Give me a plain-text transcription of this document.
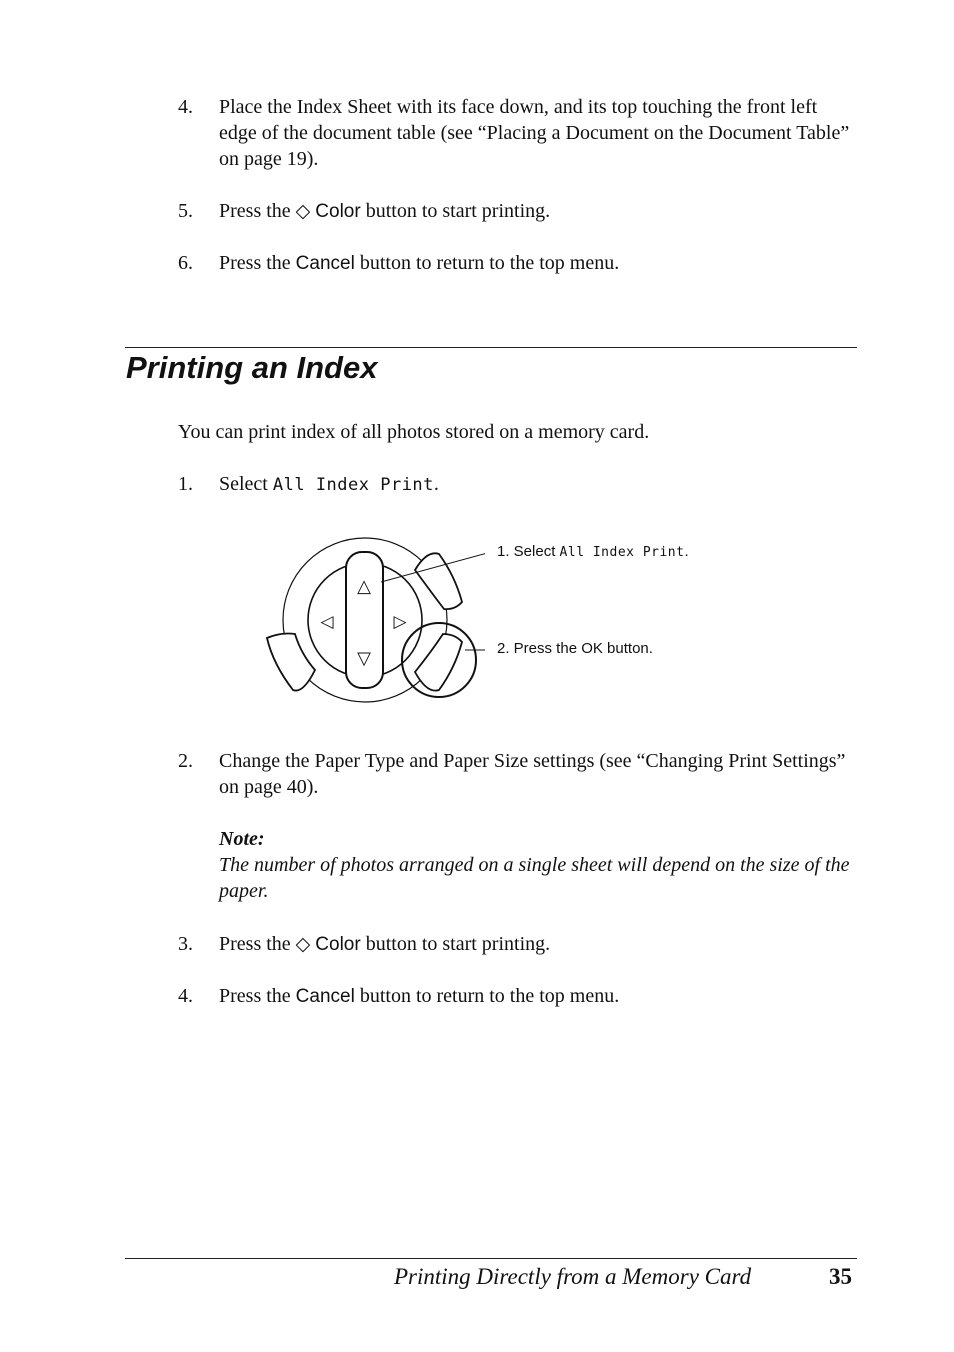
4. Place the Index Sheet with its face down, and its top touching the front left edge of the document table (see “Placing a Document on the Document Table” on page 19).
5. Press the ◇ Color button to start printing.
6. Press the Cancel button to return to the top menu.
Printing an Index
You can print index of all photos stored on a memory card.
1. Select All Index Print.
△
▽
◁	▷
1. Select All Index Print.
2. Press the OK button.
2. Change the Paper Type and Paper Size settings (see “Changing Print Settings” on page 40).
Note:
The number of photos arranged on a single sheet will depend on the size of the paper.
3. Press the ◇ Color button to start printing.
4. Press the Cancel button to return to the top menu.
Printing Directly from a Memory Card	35
